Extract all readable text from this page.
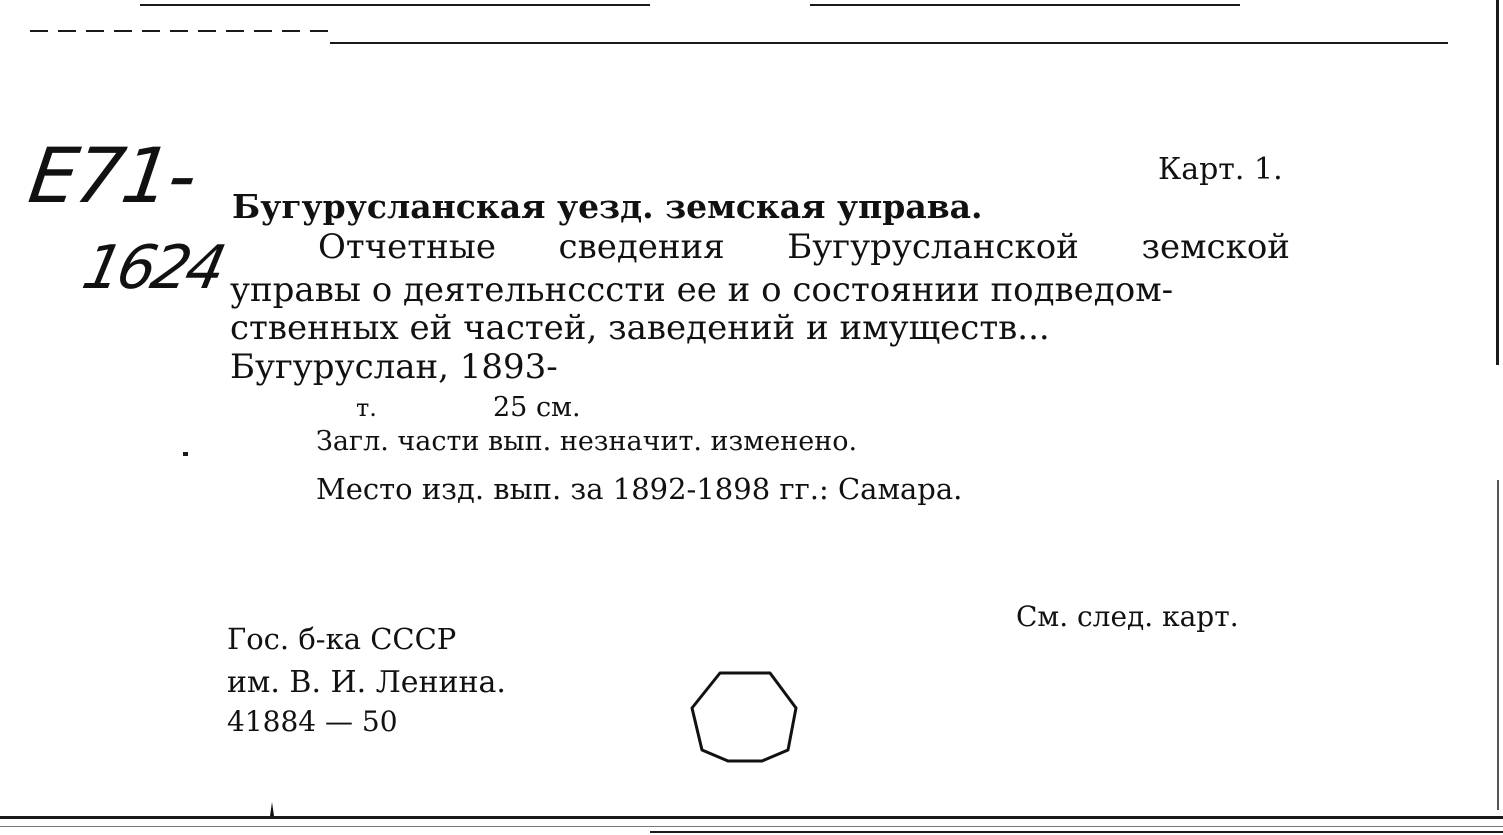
E71-
1624
Карт. 1.
Бугурусланская уезд. земская управа.
Отчетные сведения Бугурусланской земской
управы о деятельнсссти ее и о состоянии подведом-
ственных ей частей, заведений и имуществ...
Бугуруслан, 1893-
т.	25 см.
Загл. части вып. незначит. изменено.
Место изд. вып. за 1892-1898 гг.: Самара.
См. след. карт.
Гос. б-ка СССР
им. В. И. Ленина.
41884 — 50
